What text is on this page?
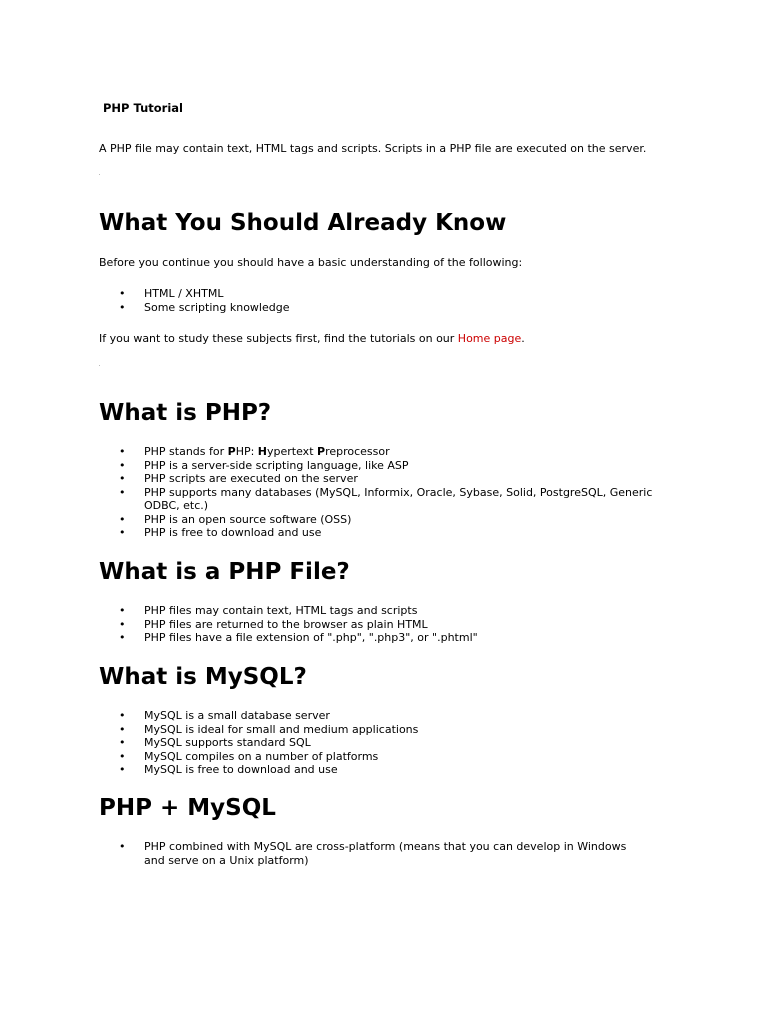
PHP Tutorial

A PHP file may contain text, HTML tags and scripts. Scripts in a PHP file are executed on the server.

What You Should Already Know

Before you continue you should have a basic understanding of the following:

• HTML / XHTML
• Some scripting knowledge

If you want to study these subjects first, find the tutorials on our Home page.

What is PHP?
• PHP stands for PHP: Hypertext Preprocessor
• PHP is a server-side scripting language, like ASP
• PHP scripts are executed on the server
• PHP supports many databases (MySQL, Informix, Oracle, Sybase, Solid, PostgreSQL, Generic ODBC, etc.)
• PHP is an open source software (OSS)
• PHP is free to download and use
What is a PHP File?
• PHP files may contain text, HTML tags and scripts
• PHP files are returned to the browser as plain HTML
• PHP files have a file extension of ".php", ".php3", or ".phtml"
What is MySQL?
• MySQL is a small database server
• MySQL is ideal for small and medium applications
• MySQL supports standard SQL
• MySQL compiles on a number of platforms
• MySQL is free to download and use
PHP + MySQL
• PHP combined with MySQL are cross-platform (means that you can develop in Windows and serve on a Unix platform)
